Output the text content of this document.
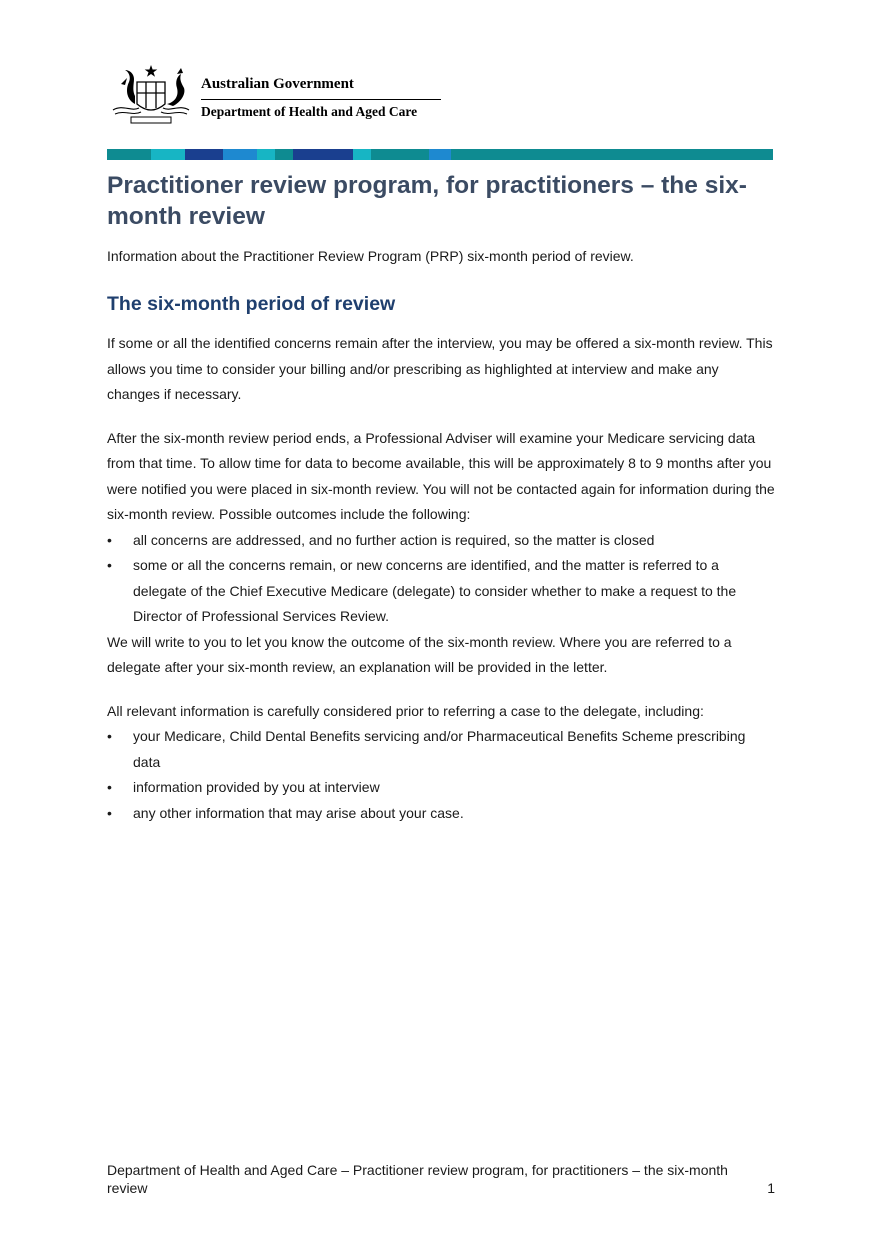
Australian Government
Department of Health and Aged Care
Practitioner review program, for practitioners – the six-month review
Information about the Practitioner Review Program (PRP) six-month period of review.
The six-month period of review

If some or all the identified concerns remain after the interview, you may be offered a six-month review. This allows you time to consider your billing and/or prescribing as highlighted at interview and make any changes if necessary.

After the six-month review period ends, a Professional Adviser will examine your Medicare servicing data from that time. To allow time for data to become available, this will be approximately 8 to 9 months after you were notified you were placed in six-month review. You will not be contacted again for information during the six-month review. Possible outcomes include the following:

• all concerns are addressed, and no further action is required, so the matter is closed
• some or all the concerns remain, or new concerns are identified, and the matter is referred to a delegate of the Chief Executive Medicare (delegate) to consider whether to make a request to the Director of Professional Services Review.

We will write to you to let you know the outcome of the six-month review. Where you are referred to a delegate after your six-month review, an explanation will be provided in the letter.

All relevant information is carefully considered prior to referring a case to the delegate, including:

• your Medicare, Child Dental Benefits servicing and/or Pharmaceutical Benefits Scheme prescribing data
• information provided by you at interview
• any other information that may arise about your case.
Department of Health and Aged Care – Practitioner review program, for practitioners – the six-month
review	1
